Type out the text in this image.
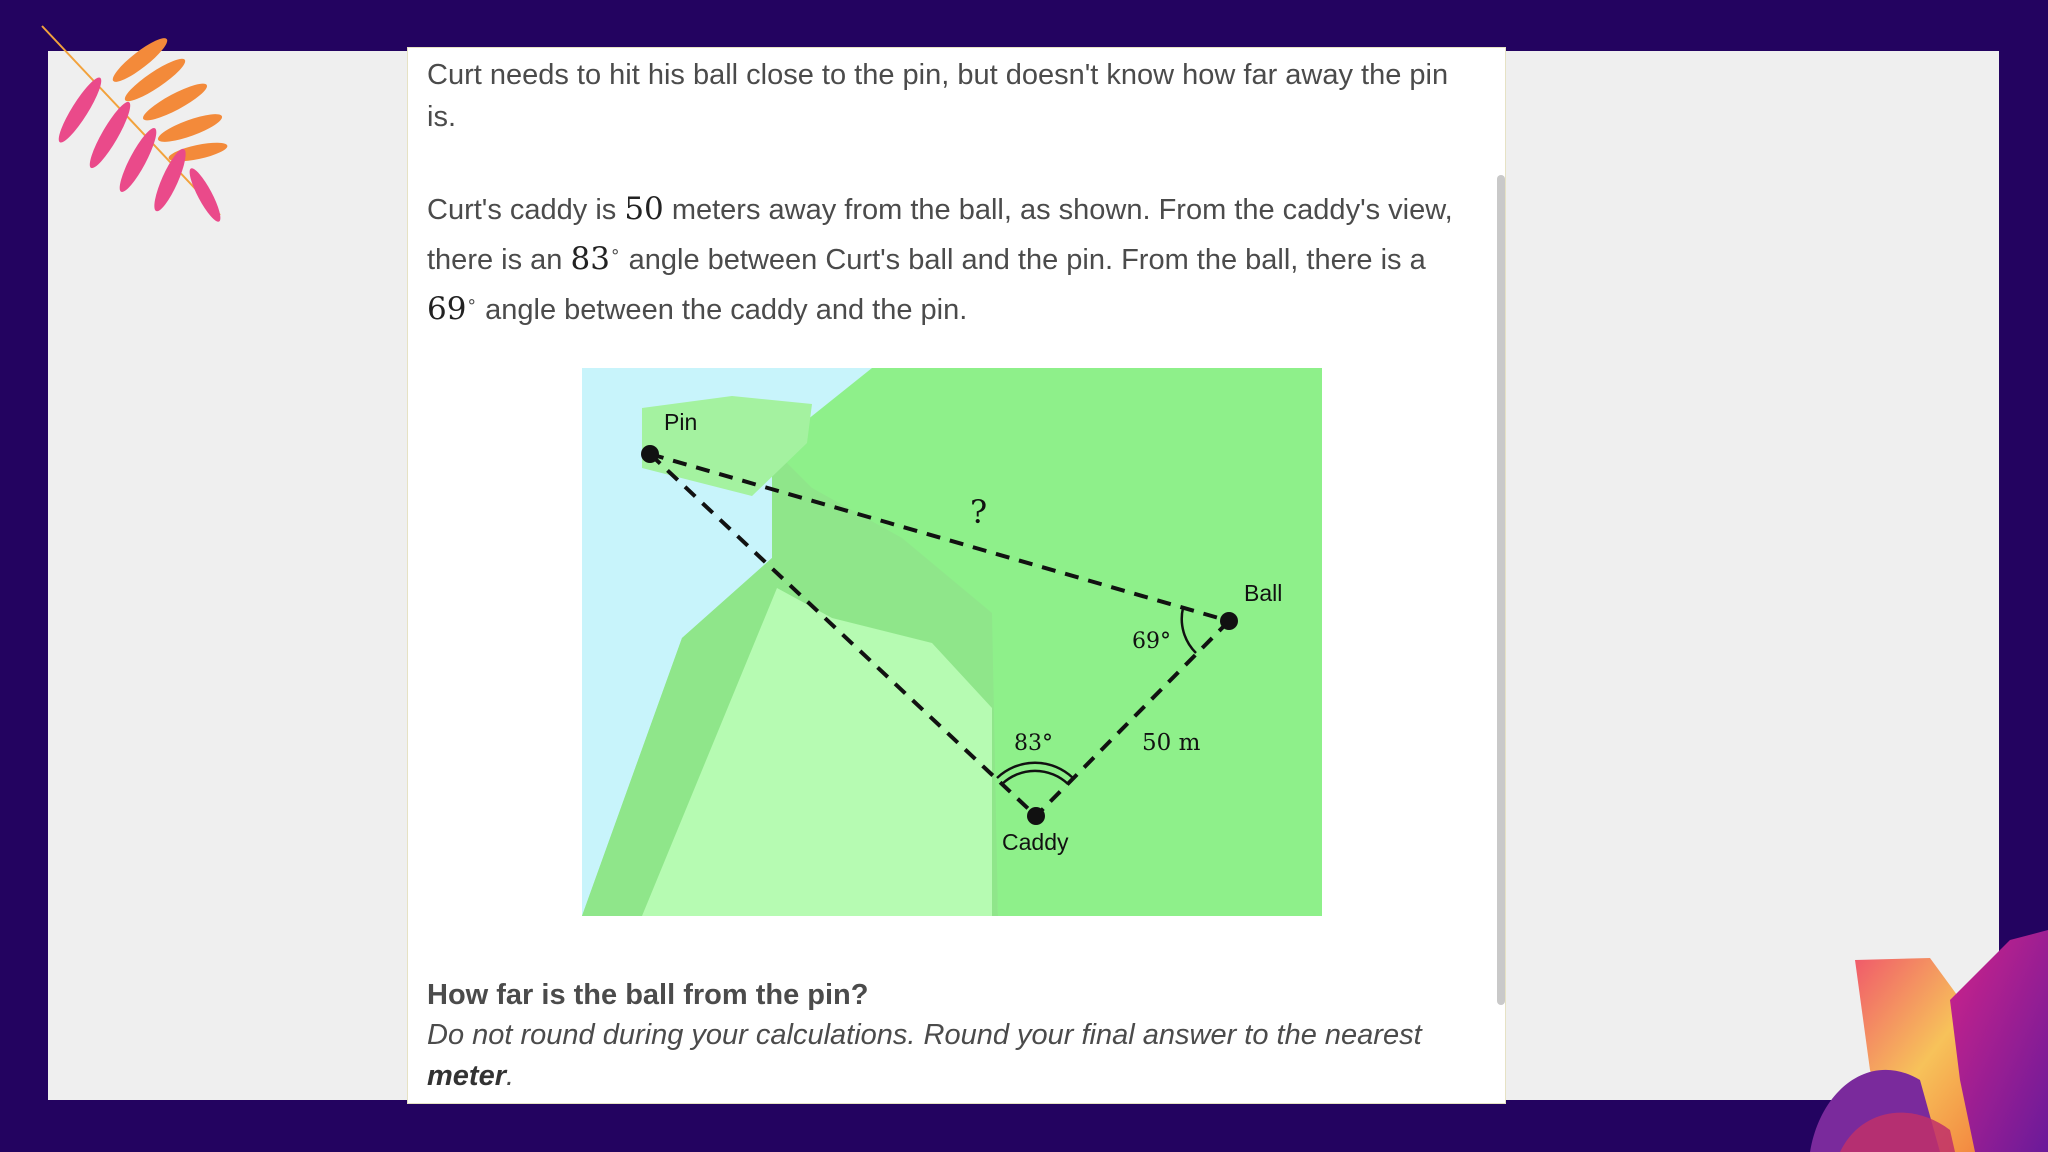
Curt needs to hit his ball close to the pin, but doesn't know how far away the pin is.

Curt's caddy is 50 meters away from the ball, as shown. From the caddy's view, there is an 83∘ angle between Curt's ball and the pin. From the ball, there is a 69∘ angle between the caddy and the pin.

Pin
Ball
Caddy
?
69°
83°	50 m

How far is the ball from the pin?

Do not round during your calculations. Round your final answer to the nearest meter.
